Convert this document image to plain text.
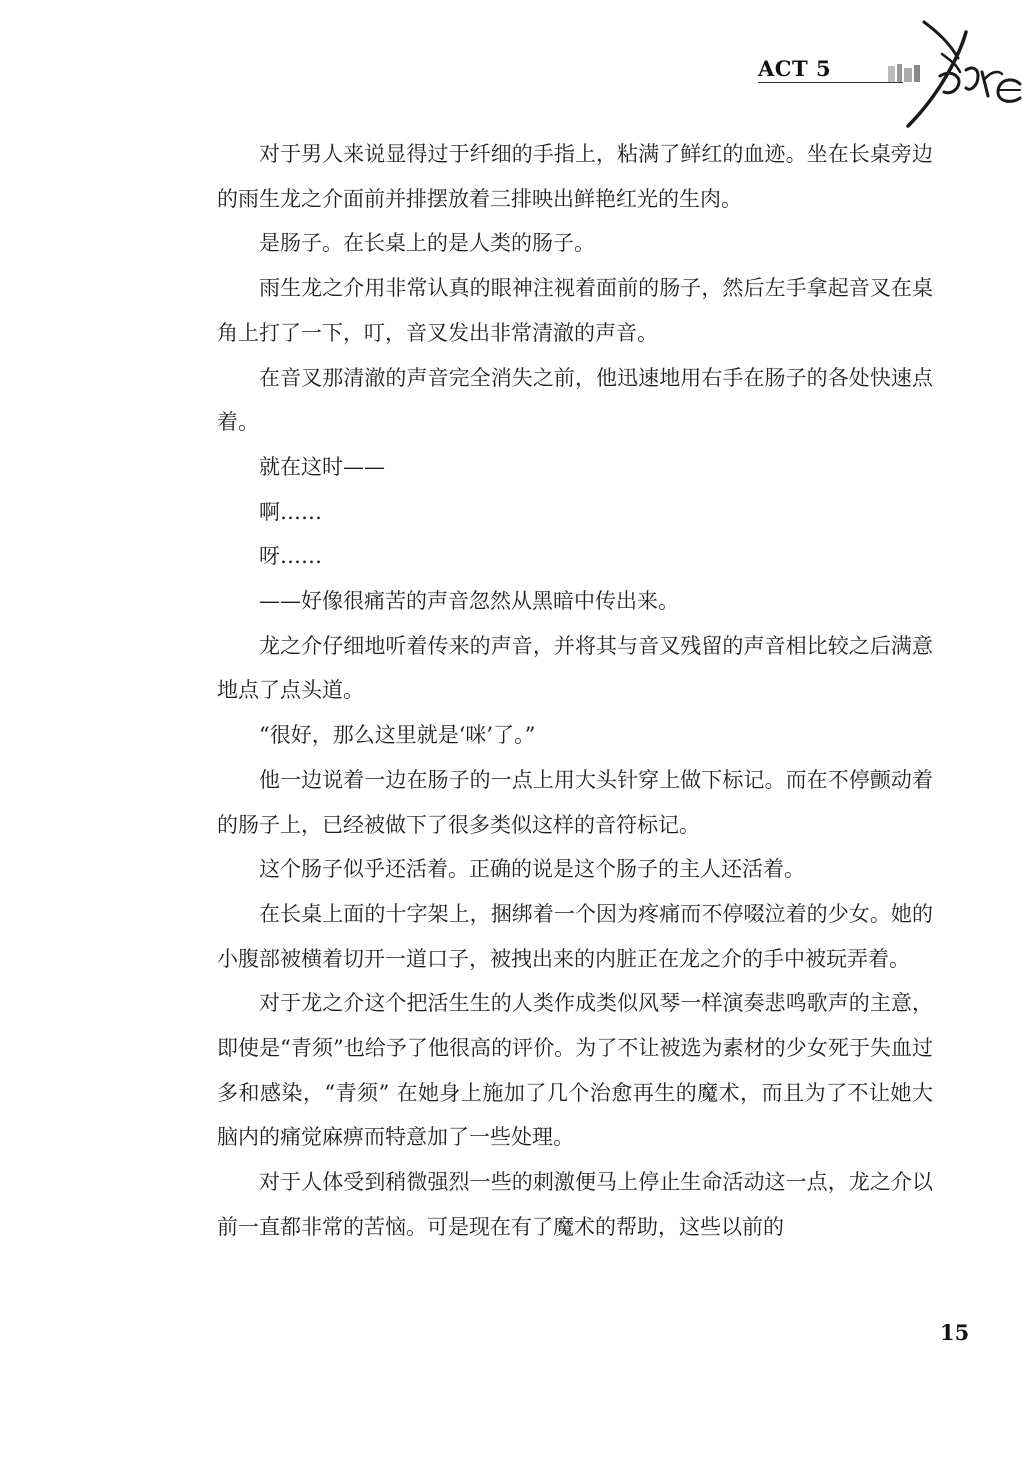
ACT 5

对于男人来说显得过于纤细的手指上，粘满了鲜红的血迹。坐在长桌旁边的雨生龙之介面前并排摆放着三排映出鲜艳红光的生肉。

是肠子。在长桌上的是人类的肠子。

雨生龙之介用非常认真的眼神注视着面前的肠子，然后左手拿起音叉在桌角上打了一下，叮，音叉发出非常清澈的声音。

在音叉那清澈的声音完全消失之前，他迅速地用右手在肠子的各处快速点着。

就在这时——

啊……

呀……

——好像很痛苦的声音忽然从黑暗中传出来。

龙之介仔细地听着传来的声音，并将其与音叉残留的声音相比较之后满意地点了点头道。

“很好，那么这里就是‘咪’了。”

他一边说着一边在肠子的一点上用大头针穿上做下标记。而在不停颤动着的肠子上，已经被做下了很多类似这样的音符标记。

这个肠子似乎还活着。正确的说是这个肠子的主人还活着。

在长桌上面的十字架上，捆绑着一个因为疼痛而不停啜泣着的少女。她的小腹部被横着切开一道口子，被拽出来的内脏正在龙之介的手中被玩弄着。

对于龙之介这个把活生生的人类作成类似风琴一样演奏悲鸣歌声的主意，即使是“青须”也给予了他很高的评价。为了不让被选为素材的少女死于失血过多和感染，“青须” 在她身上施加了几个治愈再生的魔术，而且为了不让她大脑内的痛觉麻痹而特意加了一些处理。

对于人体受到稍微强烈一些的刺激便马上停止生命活动这一点，龙之介以前一直都非常的苦恼。可是现在有了魔术的帮助，这些以前的

15
